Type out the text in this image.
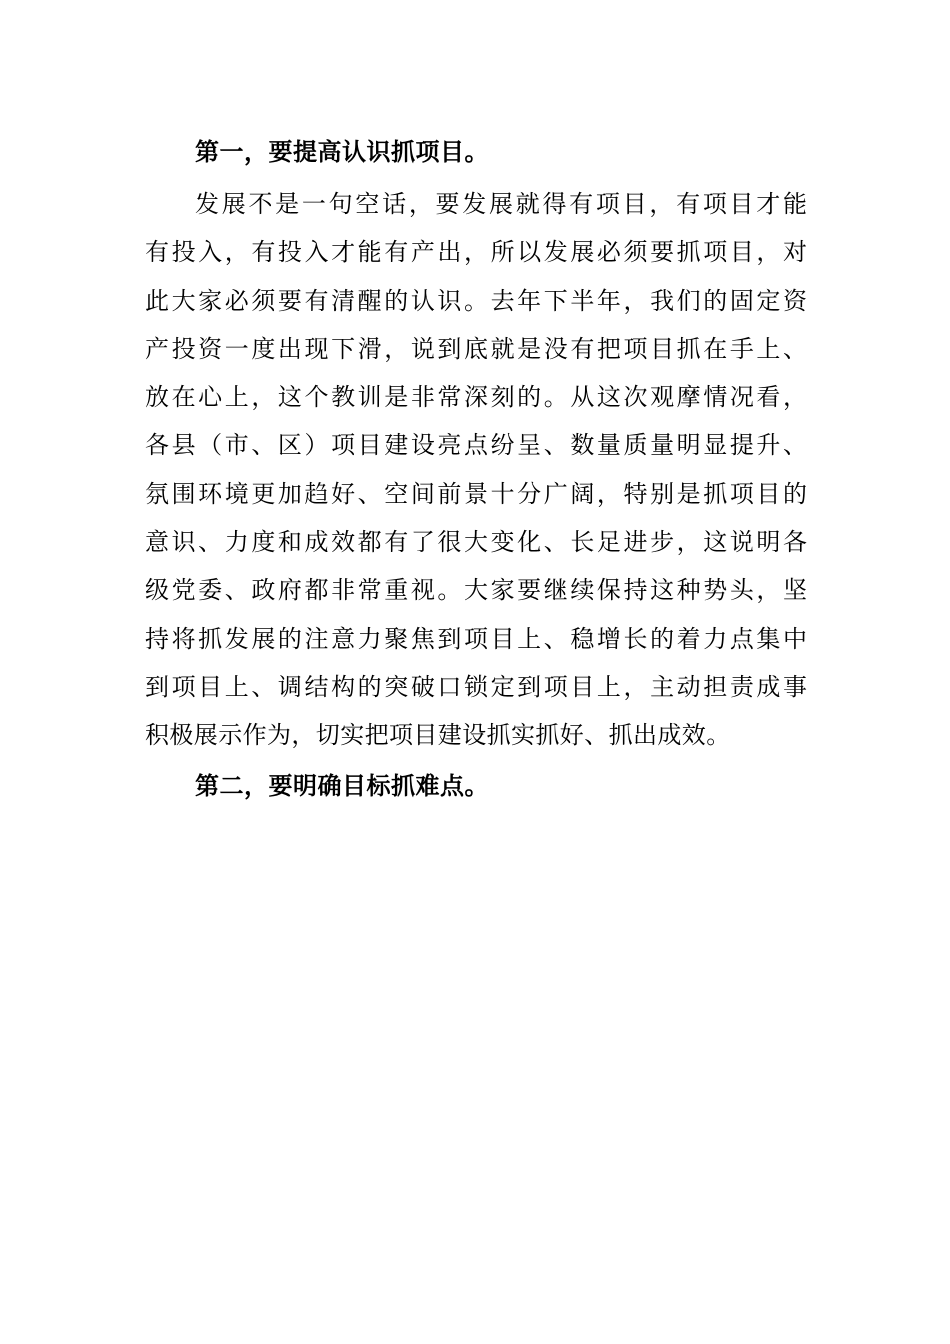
第一，要提高认识抓项目。
发展不是一句空话，要发展就得有项目，有项目才能
有投入，有投入才能有产出，所以发展必须要抓项目，对
此大家必须要有清醒的认识。去年下半年，我们的固定资
产投资一度出现下滑，说到底就是没有把项目抓在手上、
放在心上，这个教训是非常深刻的。从这次观摩情况看，
各县（市、区）项目建设亮点纷呈、数量质量明显提升、
氛围环境更加趋好、空间前景十分广阔，特别是抓项目的
意识、力度和成效都有了很大变化、长足进步，这说明各
级党委、政府都非常重视。大家要继续保持这种势头，坚
持将抓发展的注意力聚焦到项目上、稳增长的着力点集中
到项目上、调结构的突破口锁定到项目上，主动担责成事
积极展示作为，切实把项目建设抓实抓好、抓出成效。
第二，要明确目标抓难点。
